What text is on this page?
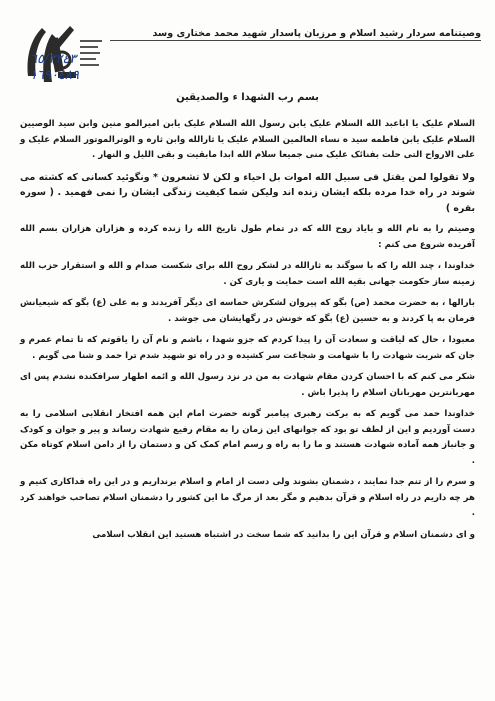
وصیتنامه سردار رشید اسلام و مرزبان پاسدار شهید محمد مختاری وسد
٦٥/٣٢٤٣
١٦٩٠٤٨٩
بسم رب الشهدا ء والصدیقین

السلام علیک یا اباعبد الله السلام علیک یابن رسول الله السلام علیک یابن امیرالمو منین وابن سید الوصیین السلام علیک یابن فاطمه سید ه نساء العالمین السلام علیک یا ثارالله وابن ثاره و الوترالموتور السلام علیک و علی الارواح التی حلت بفنائک علیک منی جمیعا سلام الله ابدا مابقیت و بقی اللیل و النهار .

ولا تقولوا لمن یقتل فی سبیل الله اموات بل احیاء و لکن لا تشعرون * ونگوئید کسانی که کشته می شوند در راه خدا مرده بلکه ایشان زنده اند ولیکن شما کیفیت زندگی ایشان را نمی فهمید . ( سوره بقره )

وصیتم را به نام الله و بایاد روح الله که در تمام طول تاریخ الله را زنده کرده و هزاران هزاران بسم الله آفریده شروع می کنم :

خداوندا ، چند الله را که با سوگند به ثارالله در لشکر روح الله برای شکست صدام و الله و استقرار حزب الله زمینه ساز حکومت جهانی بقیه الله است حمایت و یاری کن .

بارالها ، به حضرت محمد (ص) بگو که پیروان لشکرش حماسه ای دیگر آفریدند و به علی (ع) بگو که شیعیانش فرمان به پا کردند و به حسین (ع) بگو که خونش در رگهایشان می جوشد .

معبودا ، حال که لیاقت و سعادت آن را پیدا کردم که جزو شهدا ، باشم و نام آن را یاقوتم که تا تمام عمرم و جان که شربت شهادت را با شهامت و شجاعت سر کشیده و در راه تو شهید شدم ترا حمد و شنا می گویم .

شکر می کنم که با احسان کردن مقام شهادت به من در نزد رسول الله و ائمه اطهار سرافکنده نشدم پس ای مهربانترین مهربانان اسلام را پذیرا باش .

خداوندا حمد می گویم که به برکت رهبری پیامبر گونه حضرت امام این همه افتخار انقلابی اسلامی را به دست آوردیم و این از لطف تو بود که جوانهای این زمان را به مقام رفیع شهادت رساند و پیر و جوان و کودک و جانباز همه آماده شهادت هستند و ما را به راه و رسم امام کمک کن و دستمان را از دامن اسلام کوتاه مکن .

و سرم را از تنم جدا نمایند ، دشمنان بشوند ولی دست از امام و اسلام برنداریم و در این راه فداکاری کنیم و هر چه داریم در راه اسلام و قرآن بدهیم و مگر بعد از مرگ ما این کشور را دشمنان اسلام تصاحب خواهند کرد .

و ای دشمنان اسلام و قرآن این را بدانید که شما سخت در اشتباه هستید این انقلاب اسلامی
